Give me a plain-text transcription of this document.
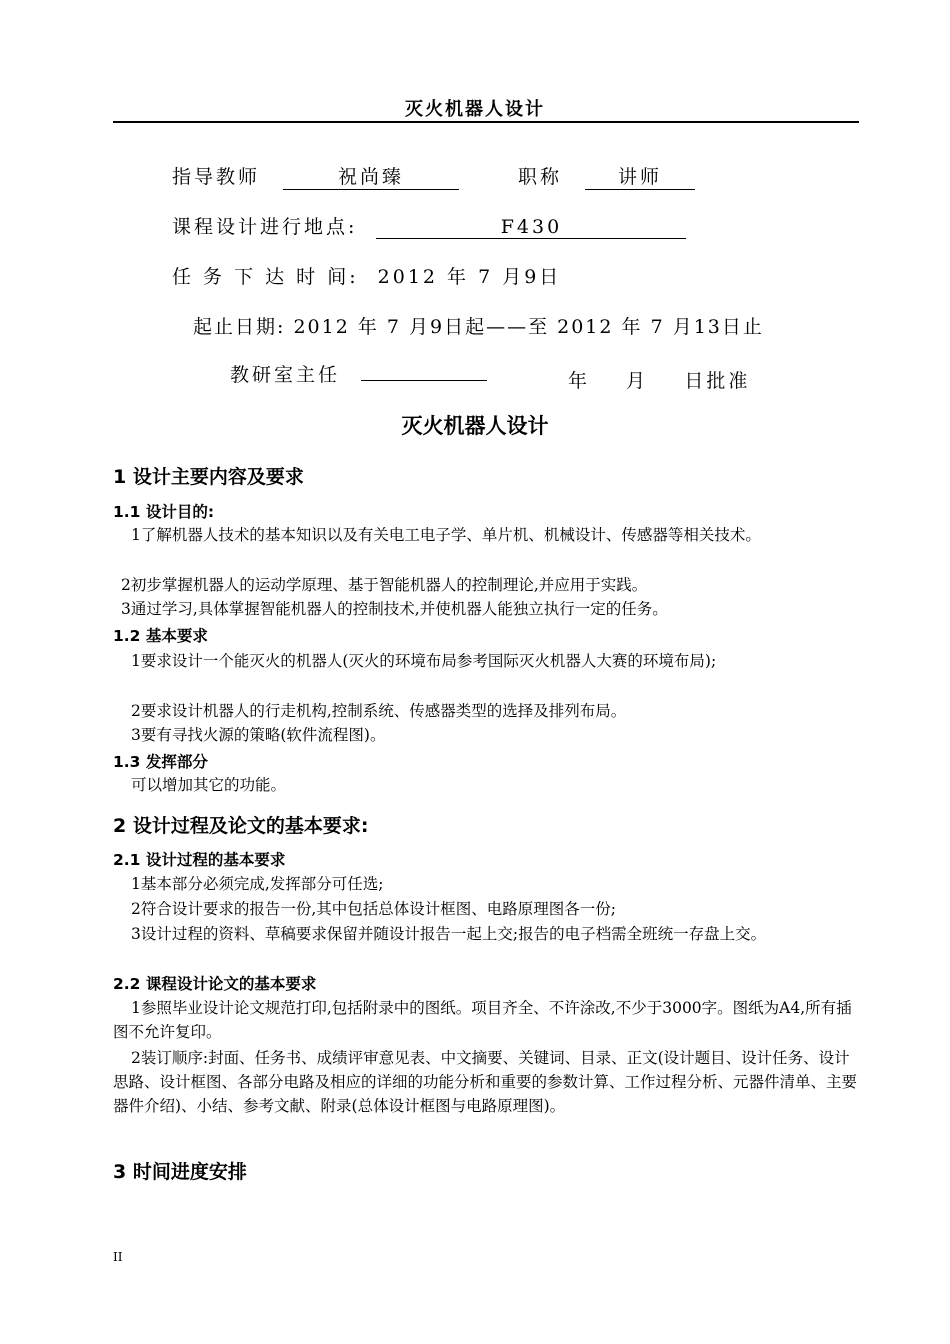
灭火机器人设计
指导教师	祝尚臻	职称	讲师
课程设计进行地点:	F430
任 务 下 达 时 间: 2012 年 7 月9日
起止日期: 2012 年 7 月9日起——至 2012 年 7 月13日止
教研室主任	年    月    日批准
灭火机器人设计
1 设计主要内容及要求
1.1 设计目的:
1了解机器人技术的基本知识以及有关电工电子学、单片机、机械设计、传感器等相关技术。
2初步掌握机器人的运动学原理、基于智能机器人的控制理论,并应用于实践。
3通过学习,具体掌握智能机器人的控制技术,并使机器人能独立执行一定的任务。
1.2 基本要求
1要求设计一个能灭火的机器人(灭火的环境布局参考国际灭火机器人大赛的环境布局);
2要求设计机器人的行走机构,控制系统、传感器类型的选择及排列布局。
3要有寻找火源的策略(软件流程图)。
1.3 发挥部分
可以增加其它的功能。
2 设计过程及论文的基本要求:
2.1 设计过程的基本要求
1基本部分必须完成,发挥部分可任选;
2符合设计要求的报告一份,其中包括总体设计框图、电路原理图各一份;
3设计过程的资料、草稿要求保留并随设计报告一起上交;报告的电子档需全班统一存盘上交。
2.2 课程设计论文的基本要求
1参照毕业设计论文规范打印,包括附录中的图纸。项目齐全、不许涂改,不少于3000字。图纸为A4,所有插图不允许复印。
2装订顺序:封面、任务书、成绩评审意见表、中文摘要、关键词、目录、正文(设计题目、设计任务、设计思路、设计框图、各部分电路及相应的详细的功能分析和重要的参数计算、工作过程分析、元器件清单、主要器件介绍)、小结、参考文献、附录(总体设计框图与电路原理图)。
3 时间进度安排
II
